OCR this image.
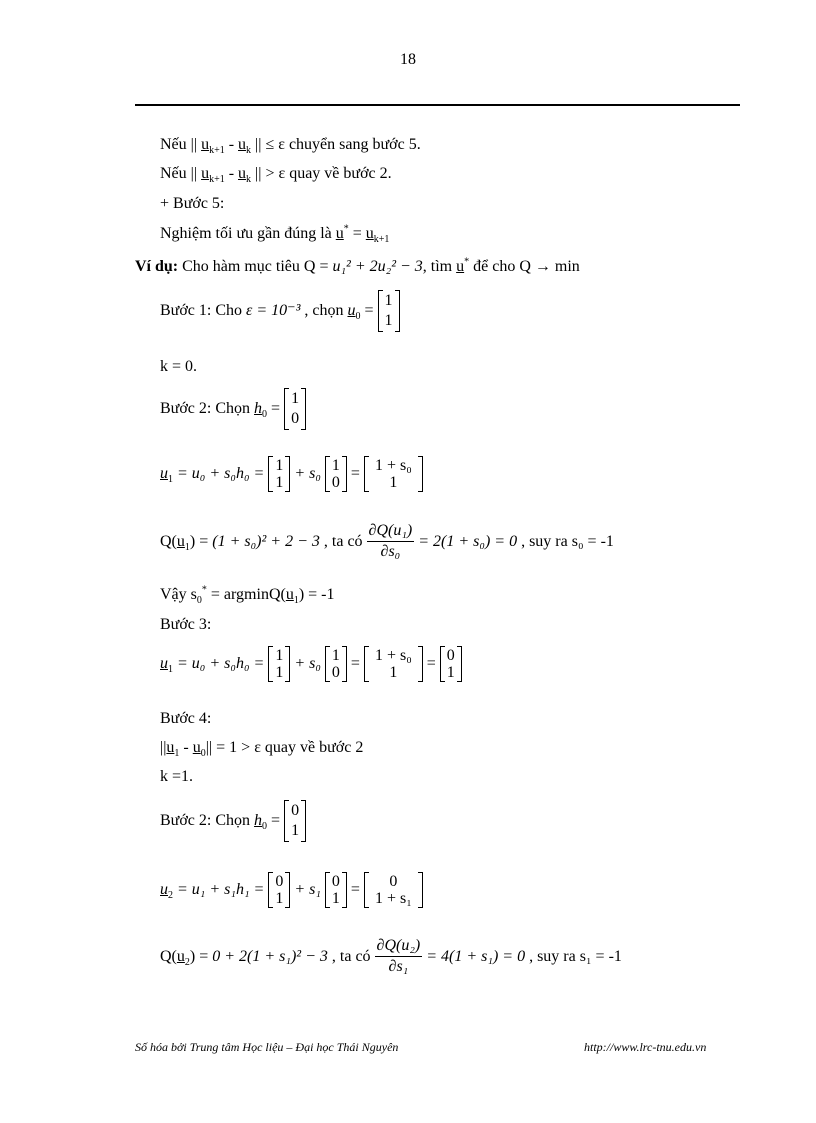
18
Nếu || $u_{k+1} - u_k$ || ≤ ε chuyển sang bước 5.
Nếu || $u_{k+1} - u_k$ || > ε quay về bước 2.
+ Bước 5:
Nghiệm tối ưu gần đúng là $u^* = u_{k+1}$
Ví dụ: Cho hàm mục tiêu Q = u₁² + 2u₂² − 3, tìm u* để cho Q → min
Bước 1: Cho ε = 10⁻³ , chọn $u_0$ =
1
1
k = 0.
Bước 2: Chọn $h_0$ =
1
0
$u_1 = u_0 + s_0h_0 = 1$
1
+ s₀ 1
0
= 1 + s₀
1
$Q(u_1) = (1 + s_0)^2 + 2 - 3$ , ta có $\frac{\text{∂Q(u₁)}}{\text{∂s₀}} = 2(1 + s_0) = 0$ , suy ra s₀ = -1
Vậy $s_0^* = argminQ(u_1) = -1$
Bước 3:
$u_1 = u_0 + s_0h_0 = 1$
1
+ s₀ 1
0
= 1 + s₀
1
= 0
1
Bước 4:
$||u_1 - u_0|| = 1 > \varepsilon$ quay về bước 2
k =1.
Bước 2: Chọn $h_0$ =
0
1
$u_2 = u_1 + s_1h_1 = 0$
1
+ s₁ 0
1
= 0
1 + s₁
$Q(u_2) = 0 + 2(1 + s_1)^2 - 3$ , ta có $\frac{\text{∂Q(u₂)}}{\text{∂s₁}} = 4(1 + s_1) = 0$ , suy ra s₁ = -1
Số hóa bởi Trung tâm Học liệu – Đại học Thái Nguyên	http://www.lrc-tnu.edu.vn
